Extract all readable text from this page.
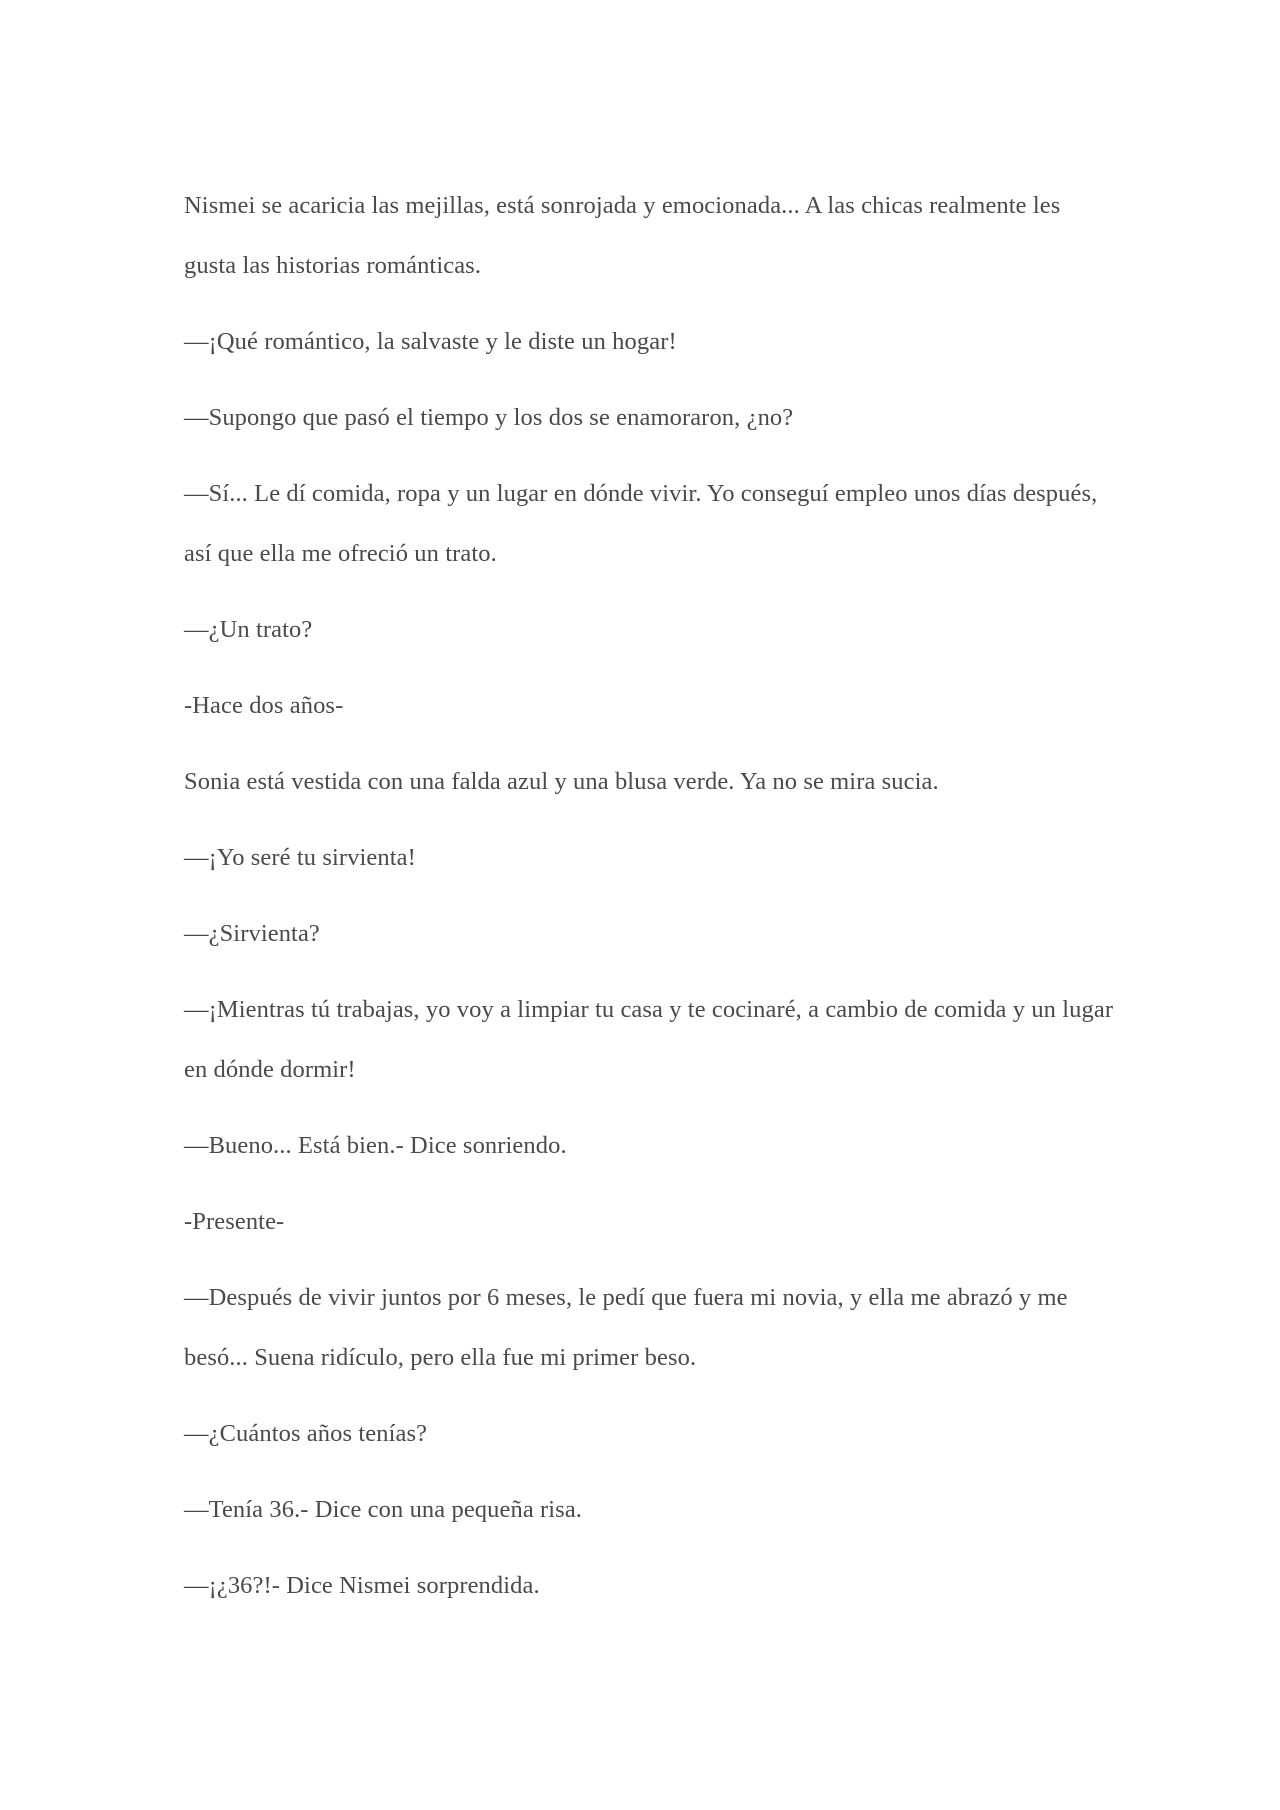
Nismei se acaricia las mejillas, está sonrojada y emocionada... A las chicas realmente les gusta las historias románticas.

—¡Qué romántico, la salvaste y le diste un hogar!

—Supongo que pasó el tiempo y los dos se enamoraron, ¿no?

—Sí... Le dí comida, ropa y un lugar en dónde vivir. Yo conseguí empleo unos días después, así que ella me ofreció un trato.

—¿Un trato?

-Hace dos años-

Sonia está vestida con una falda azul y una blusa verde. Ya no se mira sucia.

—¡Yo seré tu sirvienta!

—¿Sirvienta?

—¡Mientras tú trabajas, yo voy a limpiar tu casa y te cocinaré, a cambio de comida y un lugar en dónde dormir!

—Bueno... Está bien.- Dice sonriendo.

-Presente-

—Después de vivir juntos por 6 meses, le pedí que fuera mi novia, y ella me abrazó y me besó... Suena ridículo, pero ella fue mi primer beso.

—¿Cuántos años tenías?

—Tenía 36.- Dice con una pequeña risa.

—¡¿36?!- Dice Nismei sorprendida.
